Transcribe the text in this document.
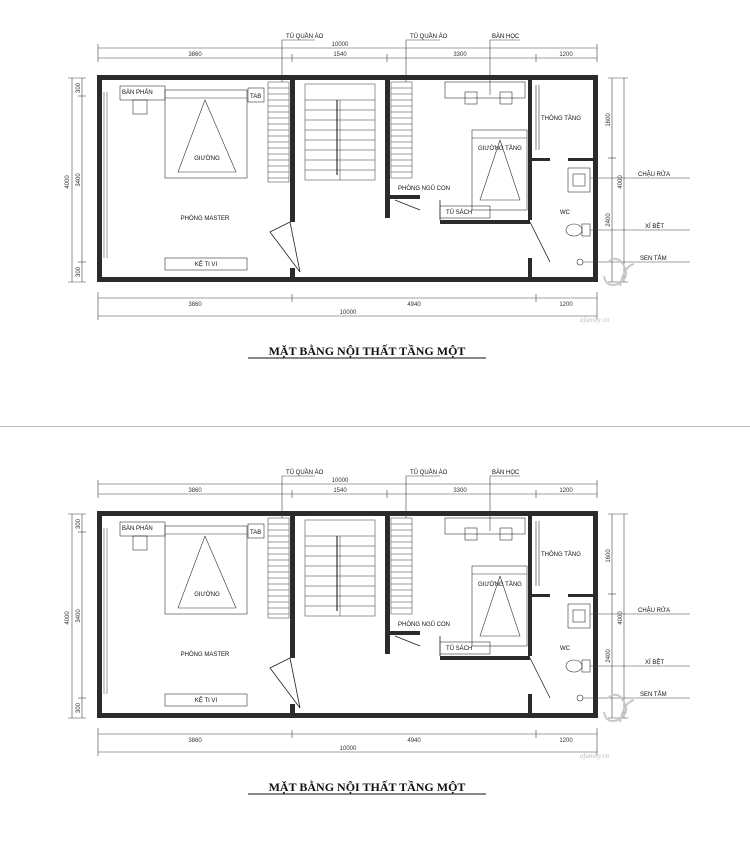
10000
3860	1540	3300	1200
TỦ QUẦN ÁO	TỦ QUẦN ÁO	BÀN HỌC
4000
300
3400
300
1600
4000
2400
BÀN PHẤN
TAB
GIƯỜNG
PHÒNG MASTER
KỆ TI VI
THÔNG TẦNG
GIƯỜNG TẦNG
PHÒNG NGỦ CON
TỦ SÁCH	WC
CHẬU RỬA
XÍ BỆT
SEN TẮM
3860	4940	1200
10000
afamily.vn
MẶT BẰNG NỘI THẤT TẦNG MỘT
10000
3860	1540	3300	1200
TỦ QUẦN ÁO	TỦ QUẦN ÁO	BÀN HỌC
4000
300
3400
300
1600
4000
2400
BÀN PHẤN
TAB
GIƯỜNG
PHÒNG MASTER
KỆ TI VI
THÔNG TẦNG
GIƯỜNG TẦNG
PHÒNG NGỦ CON
TỦ SÁCH	WC
CHẬU RỬA
XÍ BỆT
SEN TẮM
3860	4940	1200
10000
afamily.vn
MẶT BẰNG NỘI THẤT TẦNG MỘT
